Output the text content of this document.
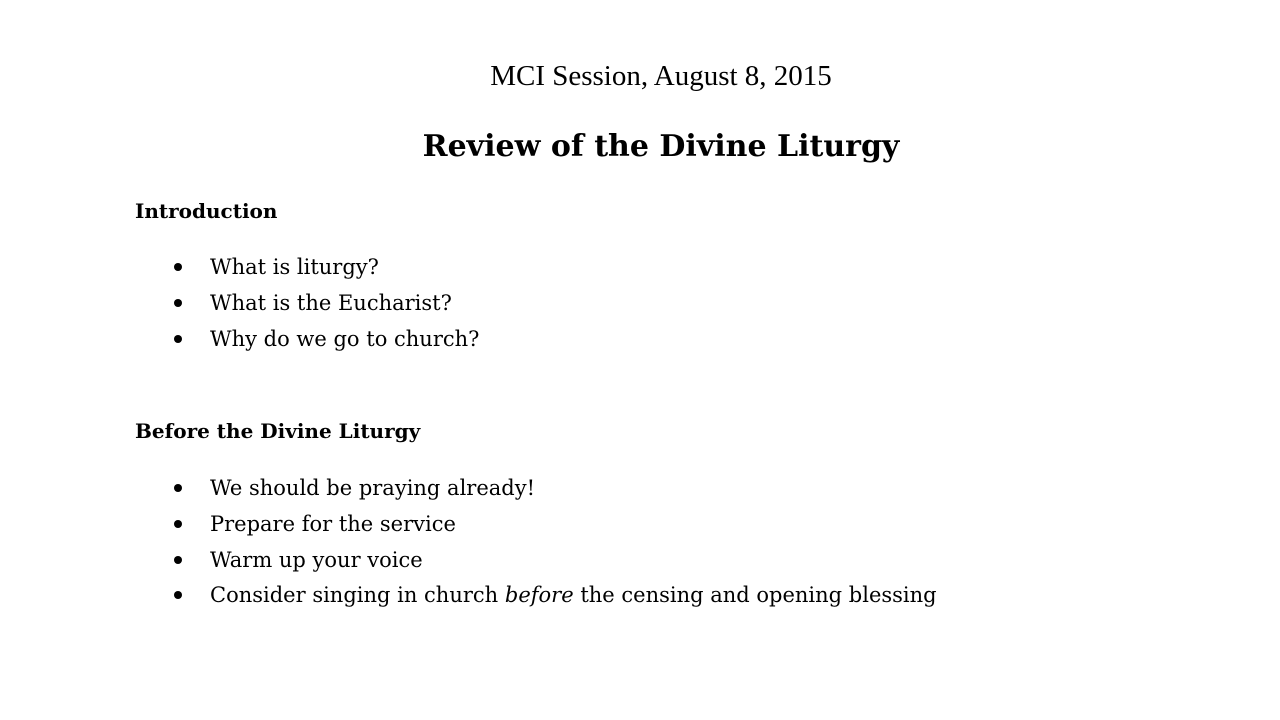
MCI Session, August 8, 2015
Review of the Divine Liturgy
Introduction
What is liturgy?
What is the Eucharist?
Why do we go to church?
Before the Divine Liturgy
We should be praying already!
Prepare for the service
Warm up your voice
Consider singing in church before the censing and opening blessing
